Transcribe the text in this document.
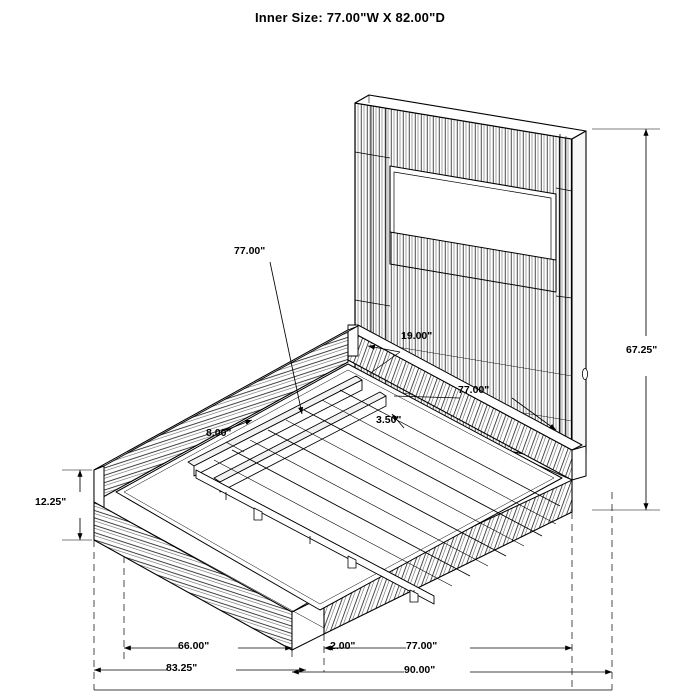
Inner Size: 77.00"W X 82.00"D
77.00"
67.25"
19.00"
77.00"
3.50"
8.00"
12.25"
66.00"
83.25"
2.00"	77.00"
90.00"
